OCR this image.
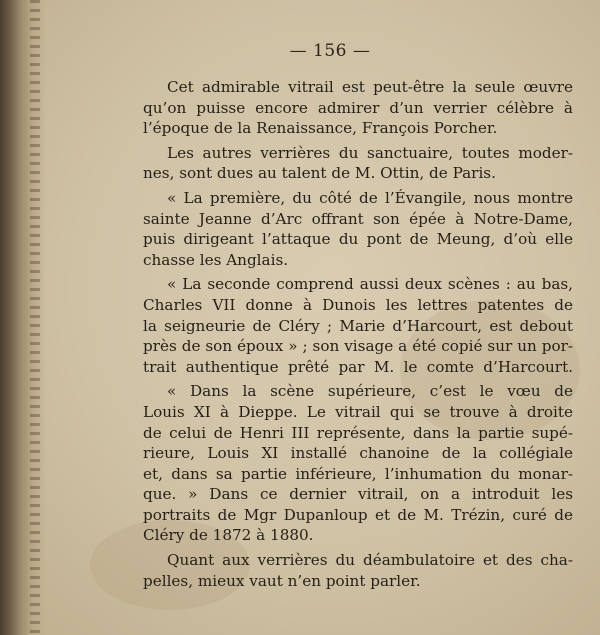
— 156 —
Cet admirable vitrail est peut-être la seule œuvre
qu’on puisse encore admirer d’un verrier célèbre à
l’époque de la Renaissance, François Porcher.
Les autres verrières du sanctuaire, toutes moder-
nes, sont dues au talent de M. Ottin, de Paris.
« La première, du côté de l’Évangile, nous montre
sainte Jeanne d’Arc offrant son épée à Notre-Dame,
puis dirigeant l’attaque du pont de Meung, d’où elle
chasse les Anglais.
« La seconde comprend aussi deux scènes : au bas,
Charles VII donne à Dunois les lettres patentes de
la seigneurie de Cléry ; Marie d’Harcourt, est debout
près de son époux » ; son visage a été copié sur un por-
trait authentique prêté par M. le comte d’Harcourt.
« Dans la scène supérieure, c’est le vœu de
Louis XI à Dieppe. Le vitrail qui se trouve à droite
de celui de Henri III représente, dans la partie supé-
rieure, Louis XI installé chanoine de la collégiale
et, dans sa partie inférieure, l’inhumation du monar-
que. » Dans ce dernier vitrail, on a introduit les
portraits de Mgr Dupanloup et de M. Trézin, curé de
Cléry de 1872 à 1880.
Quant aux verrières du déambulatoire et des cha-
pelles, mieux vaut n’en point parler.
